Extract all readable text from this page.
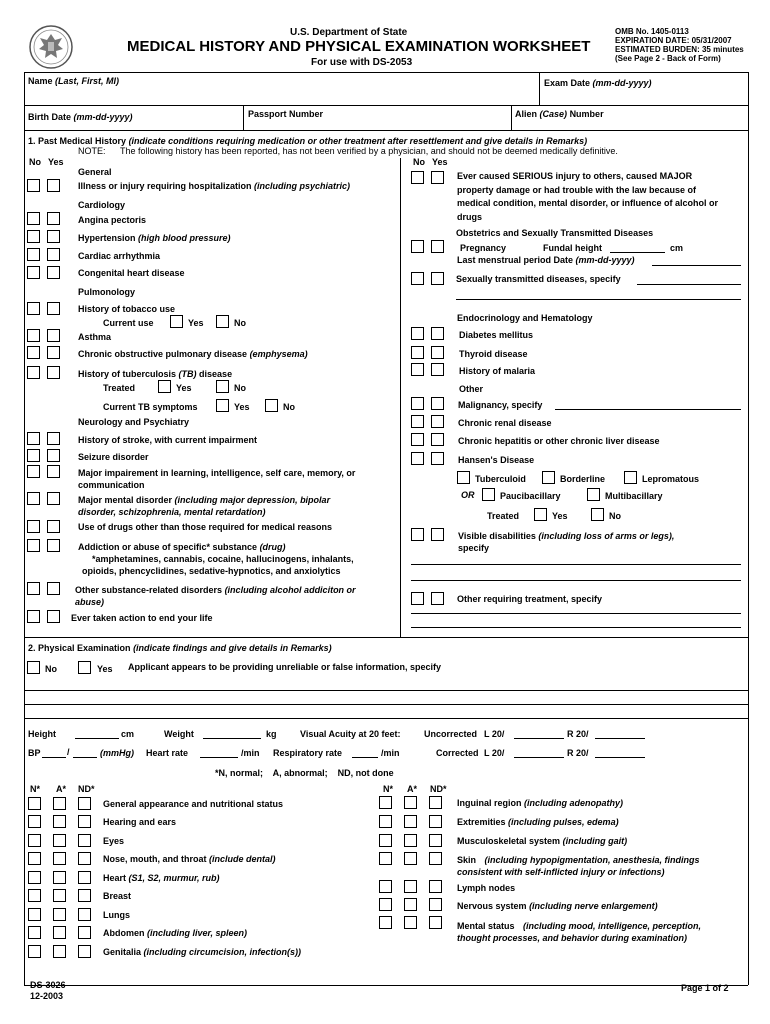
U.S. Department of State
MEDICAL HISTORY AND PHYSICAL EXAMINATION WORKSHEET
For use with DS-2053
OMB No. 1405-0113
EXPIRATION DATE: 05/31/2007
ESTIMATED BURDEN: 35 minutes
(See Page 2 - Back of Form)
Name (Last, First, MI)	Exam Date (mm-dd-yyyy)
Birth Date (mm-dd-yyyy)	Passport Number	Alien (Case) Number
1. Past Medical History (indicate conditions requiring medication or other treatment after resettlement and give details in Remarks)
NOTE: The following history has been reported, has not been verified by a physician, and should not be deemed medically definitive.
No Yes	No Yes
General
Illness or injury requiring hospitalization (including psychiatric)
Cardiology
Angina pectoris
Hypertension (high blood pressure)
Cardiac arrhythmia
Congenital heart disease
Pulmonology
History of tobacco use
Current use	Yes	No
Asthma
Chronic obstructive pulmonary disease (emphysema)
History of tuberculosis (TB) disease
Treated	Yes	No
Current TB symptoms	Yes	No
Neurology and Psychiatry
History of stroke, with current impairment
Seizure disorder
Major impairement in learning, intelligence, self care, memory, or
communication
Major mental disorder (including major depression, bipolar
disorder, schizophrenia, mental retardation)
Use of drugs other than those required for medical reasons
Addiction or abuse of specific* substance (drug)
*amphetamines, cannabis, cocaine, hallucinogens, inhalants,
opioids, phencyclidines, sedative-hypnotics, and anxiolytics
Other substance-related disorders (including alcohol addiciton or
abuse)
Ever taken action to end your life
Ever caused SERIOUS injury to others, caused MAJOR
property damage or had trouble with the law because of
medical condition, mental disorder, or influence of alcohol or
drugs
Obstetrics and Sexually Transmitted Diseases
Pregnancy	Fundal height	cm
Last menstrual period Date (mm-dd-yyyy)
Sexually transmitted diseases, specify
Endocrinology and Hematology
Diabetes mellitus
Thyroid disease
History of malaria
Other
Malignancy, specify
Chronic renal disease
Chronic hepatitis or other chronic liver disease
Hansen's Disease
Tuberculoid	Borderline	Lepromatous
OR	Paucibacillary	Multibacillary
Treated	Yes	No
Visible disabilities (including loss of arms or legs),
specify
Other requiring treatment, specify
2. Physical Examination (indicate findings and give details in Remarks)
No	Yes Applicant appears to be providing unreliable or false information, specify
Height	cm	Weight	kg	Visual Acuity at 20 feet:	Uncorrected L 20/	R 20/
BP	/	(mmHg) Heart rate	/min Respiratory rate	/min	Corrected L 20/	R 20/
*N, normal;    A, abnormal;    ND, not done
N* A* ND*	N* A* ND*
General appearance and nutritional status
Hearing and ears
Eyes
Nose, mouth, and throat (include dental)
Heart (S1, S2, murmur, rub)
Breast
Lungs
Abdomen (including liver, spleen)
Genitalia (including circumcision, infection(s))
Inguinal region (including adenopathy)
Extremities (including pulses, edema)
Musculoskeletal system (including gait)
Skin (including hypopigmentation, anesthesia, findings
consistent with self-inflicted injury or infections)
Lymph nodes
Nervous system (including nerve enlargement)
Mental status (including mood, intelligence, perception,
thought processes, and behavior during examination)
DS-3026
12-2003
Page 1 of 2
